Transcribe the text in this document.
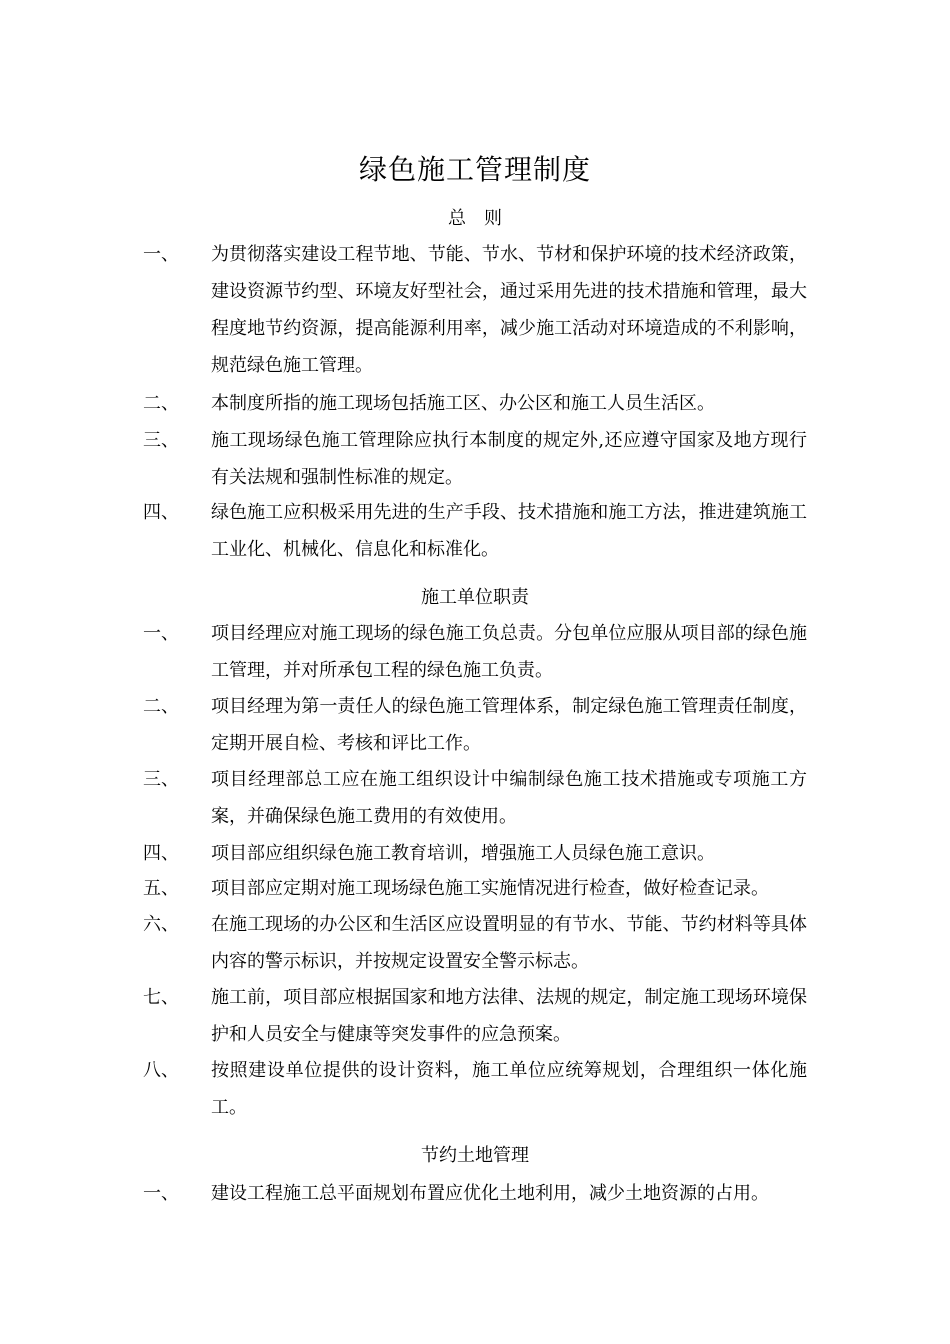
绿色施工管理制度
总　则
一、 为贯彻落实建设工程节地、节能、节水、节材和保护环境的技术经济政策，建设资源节约型、环境友好型社会，通过采用先进的技术措施和管理，最大程度地节约资源，提高能源利用率，减少施工活动对环境造成的不利影响，规范绿色施工管理。
二、 本制度所指的施工现场包括施工区、办公区和施工人员生活区。
三、 施工现场绿色施工管理除应执行本制度的规定外,还应遵守国家及地方现行有关法规和强制性标准的规定。
四、 绿色施工应积极采用先进的生产手段、技术措施和施工方法，推进建筑施工工业化、机械化、信息化和标准化。
施工单位职责
一、 项目经理应对施工现场的绿色施工负总责。分包单位应服从项目部的绿色施工管理，并对所承包工程的绿色施工负责。
二、 项目经理为第一责任人的绿色施工管理体系，制定绿色施工管理责任制度，定期开展自检、考核和评比工作。
三、 项目经理部总工应在施工组织设计中编制绿色施工技术措施或专项施工方案，并确保绿色施工费用的有效使用。
四、 项目部应组织绿色施工教育培训，增强施工人员绿色施工意识。
五、 项目部应定期对施工现场绿色施工实施情况进行检查，做好检查记录。
六、 在施工现场的办公区和生活区应设置明显的有节水、节能、节约材料等具体内容的警示标识，并按规定设置安全警示标志。
七、 施工前，项目部应根据国家和地方法律、法规的规定，制定施工现场环境保护和人员安全与健康等突发事件的应急预案。
八、 按照建设单位提供的设计资料，施工单位应统筹规划，合理组织一体化施工。
节约土地管理
一、 建设工程施工总平面规划布置应优化土地利用，减少土地资源的占用。
